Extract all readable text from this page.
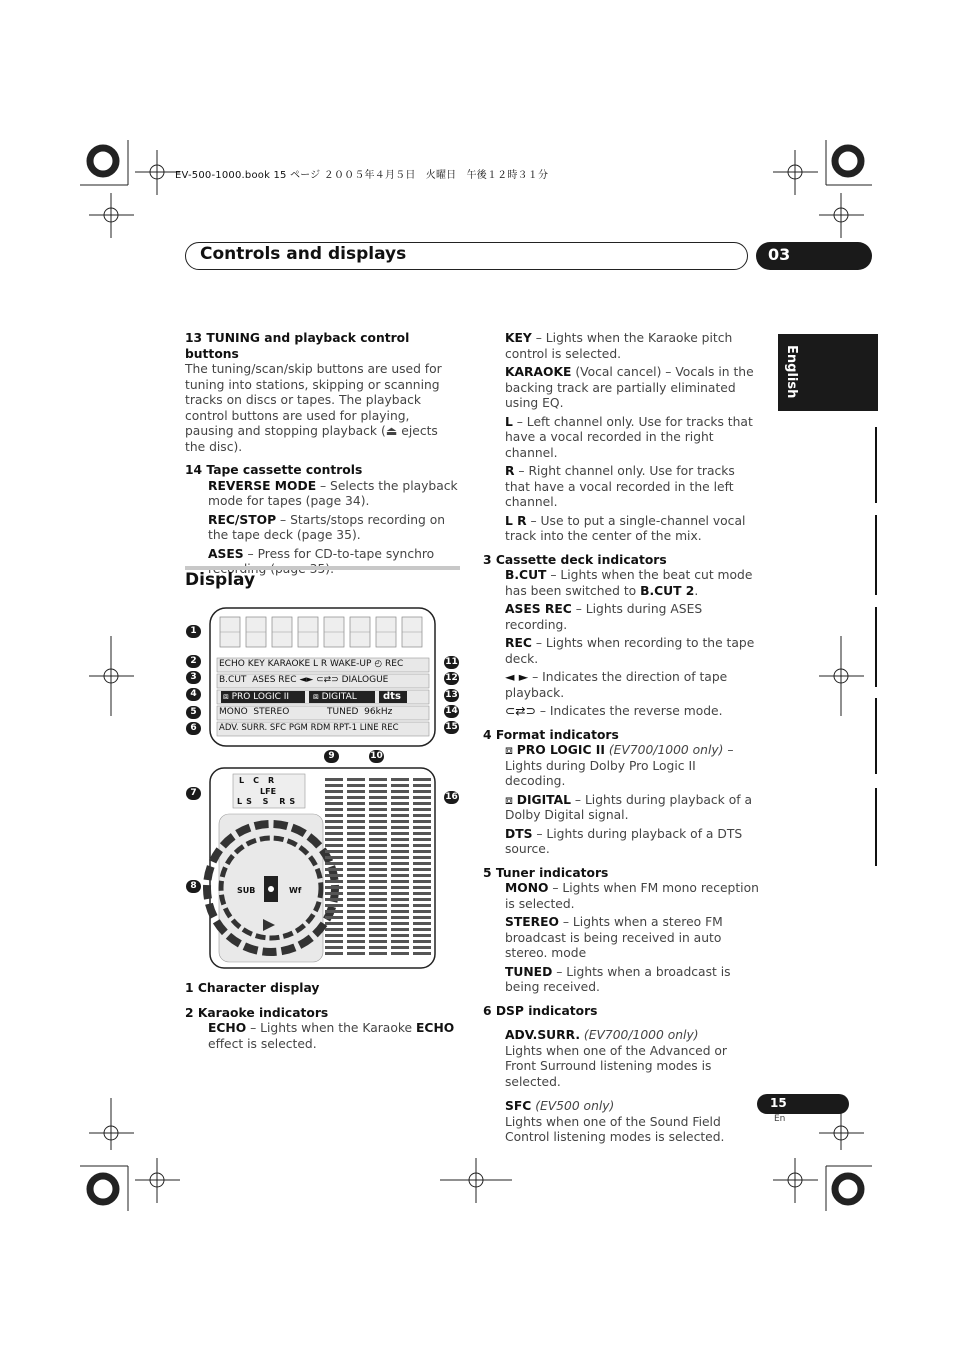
EV-500-1000.book 15 ページ ２００５年４月５日　火曜日　午後１２時３１分
Controls and displays	03
English

13 TUNING and playback control buttons

The tuning/scan/skip buttons are used for tuning into stations, skipping or scanning tracks on discs or tapes. The playback control buttons are used for playing, pausing and stopping playback (⏏ ejects the disc).

14 Tape cassette controls

REVERSE MODE – Selects the playback mode for tapes (page 34).

REC/STOP – Starts/stops recording on the tape deck (page 35).

ASES – Press for CD-to-tape synchro

Display
ECHO KEY KARAOKE L R WAKE-UP ◴ REC
B.CUT ASES REC ◄► ⊂⇄⊃ DIALOGUE
⧈ PRO LOGIC II	⧈ DIGITAL	dts
MONO STEREO	TUNED 96kHz
ADV. SURR. SFC PGM RDM RPT-1 LINE REC
LCR
LFE
LS S RS
SUB	Wf
1
2
3
4
5
6
7
8
11
12
13
14
15
16
9	10

1 Character display

2 Karaoke indicators

ECHO – Lights when the Karaoke ECHO effect is selected.

KEY – Lights when the Karaoke pitch control is selected.

KARAOKE (Vocal cancel) – Vocals in the backing track are partially eliminated using EQ.

L – Left channel only. Use for tracks that have a vocal recorded in the right channel.

R – Right channel only. Use for tracks that have a vocal recorded in the left channel.

L R – Use to put a single-channel vocal track into the center of the mix.

3 Cassette deck indicators

B.CUT – Lights when the beat cut mode has been switched to B.CUT 2.

ASES REC – Lights during ASES recording.

REC – Lights when recording to the tape deck.

◄ ► – Indicates the direction of tape playback.

⊂⇄⊃ – Indicates the reverse mode.

4 Format indicators

⧈ PRO LOGIC II (EV700/1000 only) – Lights during Dolby Pro Logic II decoding.

⧈ DIGITAL – Lights during playback of a Dolby Digital signal.

DTS – Lights during playback of a DTS source.

5 Tuner indicators

MONO – Lights when FM mono reception is selected.

STEREO – Lights when a stereo FM broadcast is being received in auto stereo. mode

TUNED – Lights when a broadcast is being received.

6 DSP indicators

ADV.SURR. (EV700/1000 only)

Lights when one of the Advanced or Front Surround listening modes is selected.

SFC (EV500 only)

Lights when one of the Sound Field Control listening modes is selected.

15
En
